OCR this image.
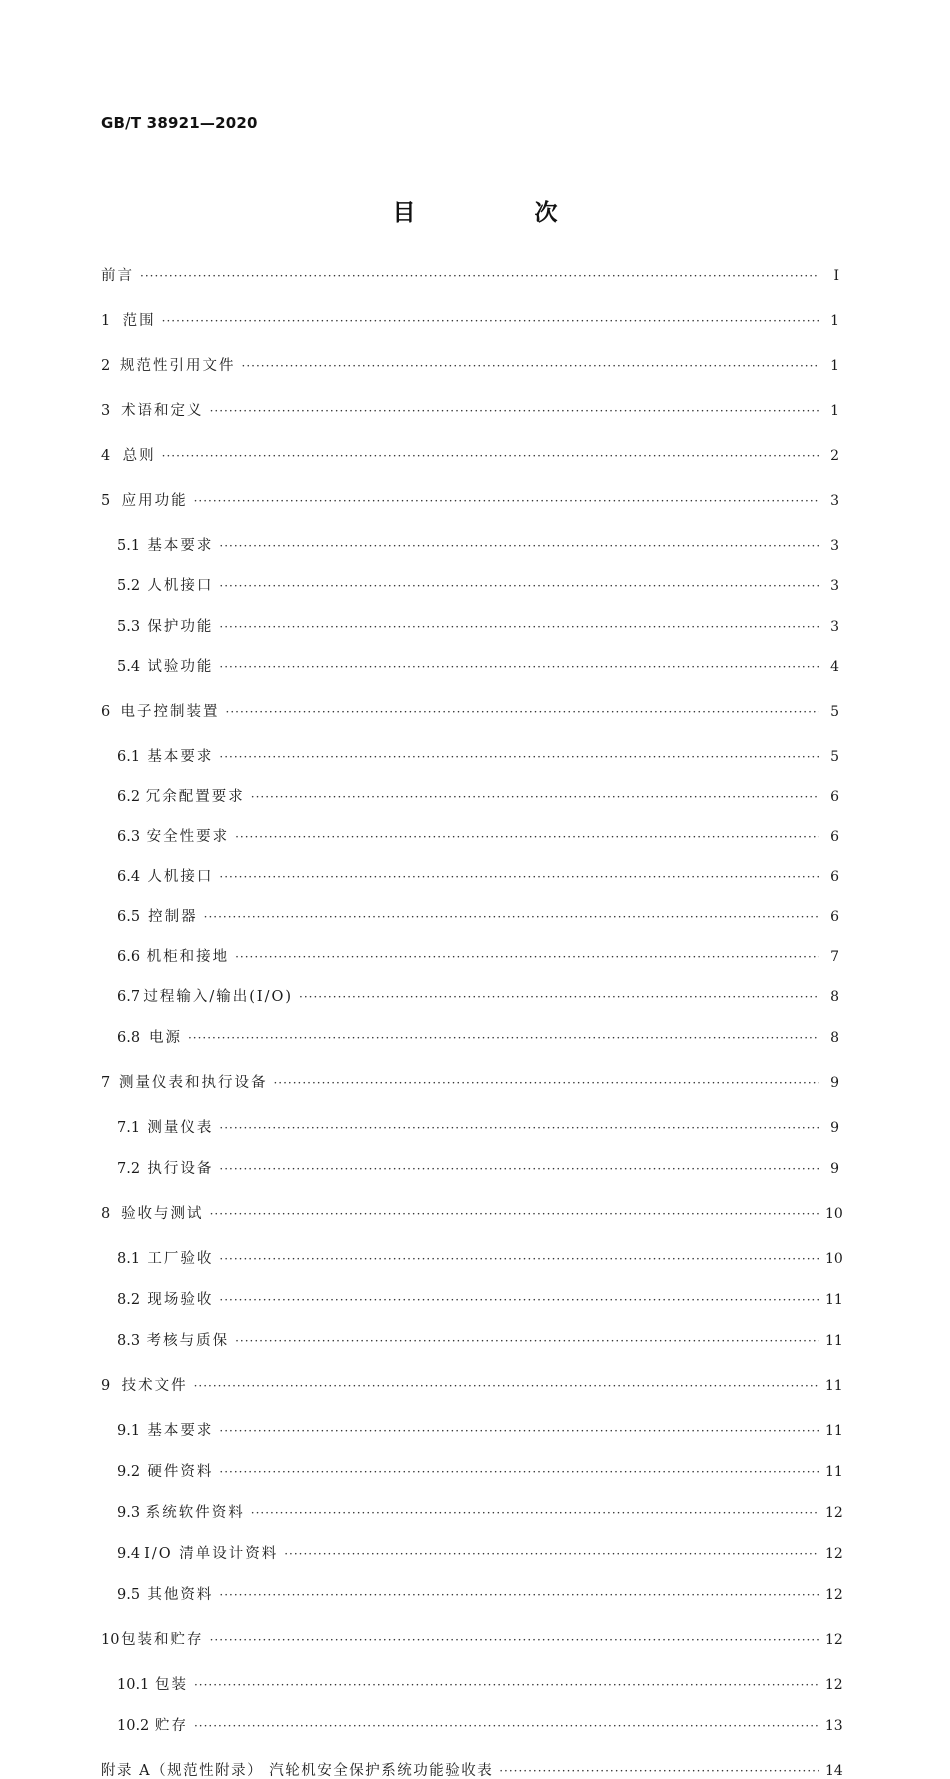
GB/T 38921—2020
目　次
前言 ·····	I
1 范围 ·····	1
2 规范性引用文件 ·····	1
3 术语和定义 ·····	1
4 总则 ·····	2
5 应用功能 ·····	3
5.1 基本要求 ·····	3
5.2 人机接口 ·····	3
5.3 保护功能 ·····	3
5.4 试验功能 ·····	4
6 电子控制装置 ·····	5
6.1 基本要求 ·····	5
6.2 冗余配置要求 ·····	6
6.3 安全性要求 ·····	6
6.4 人机接口 ·····	6
6.5 控制器 ·····	6
6.6 机柜和接地 ·····	7
6.7 过程输入/输出(I/O) ·····	8
6.8 电源 ·····	8
7 测量仪表和执行设备 ·····	9
7.1 测量仪表 ·····	9
7.2 执行设备 ·····	9
8 验收与测试 ·····	10
8.1 工厂验收 ·····	10
8.2 现场验收 ·····	11
8.3 考核与质保 ·····	11
9 技术文件 ·····	11
9.1 基本要求 ·····	11
9.2 硬件资料 ·····	11
9.3 系统软件资料 ·····	12
9.4 I/O 清单设计资料 ·····	12
9.5 其他资料 ·····	12
10 包装和贮存 ·····	12
10.1 包装 ·····	12
10.2 贮存 ·····	13
附录 A（规范性附录） 汽轮机安全保护系统功能验收表 ·····	14
